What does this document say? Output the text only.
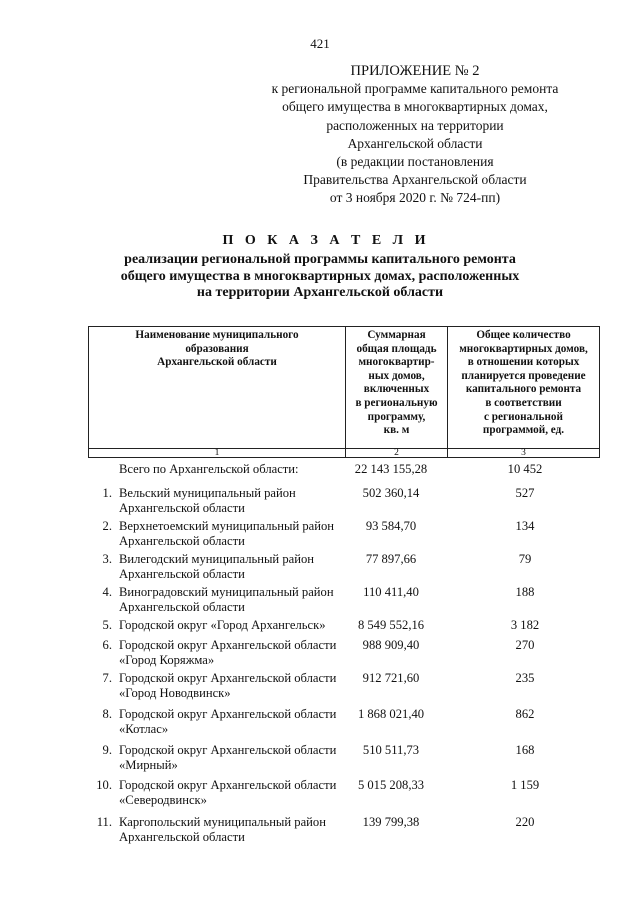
421
ПРИЛОЖЕНИЕ № 2
к региональной программе капитального ремонта
общего имущества в многоквартирных домах,
расположенных на территории
Архангельской области
(в редакции постановления
Правительства Архангельской области
от 3 ноября 2020 г. № 724-пп)
П О К А З А Т Е Л И
реализации региональной программы капитального ремонта
общего имущества в многоквартирных домах, расположенных
на территории Архангельской области
Наименование муниципального
образования
Архангельской области
Суммарная
общая площадь
многоквартир-
ных домов,
включенных
в региональную
программу,
кв. м
Общее количество
многоквартирных домов,
в отношении которых
планируется проведение
капитального ремонта
в соответствии
с региональной
программой, ед.
1	2	3
Всего по Архангельской области:	22 143 155,28	10 452
1. Вельский муниципальный район
Архангельской области
502 360,14	527
2. Верхнетоемский муниципальный район
Архангельской области
93 584,70	134
3. Вилегодский муниципальный район
Архангельской области
77 897,66	79
4. Виноградовский муниципальный район
Архангельской области
110 411,40	188
5. Городской округ «Город Архангельск»	8 549 552,16	3 182
6. Городской округ Архангельской области
«Город Коряжма»
988 909,40	270
7. Городской округ Архангельской области
«Город Новодвинск»
912 721,60	235
8. Городской округ Архангельской области
«Котлас»
1 868 021,40	862
9. Городской округ Архангельской области
«Мирный»
510 511,73	168
10. Городской округ Архангельской области
«Северодвинск»
5 015 208,33	1 159
11. Каргопольский муниципальный район
Архангельской области
139 799,38	220
